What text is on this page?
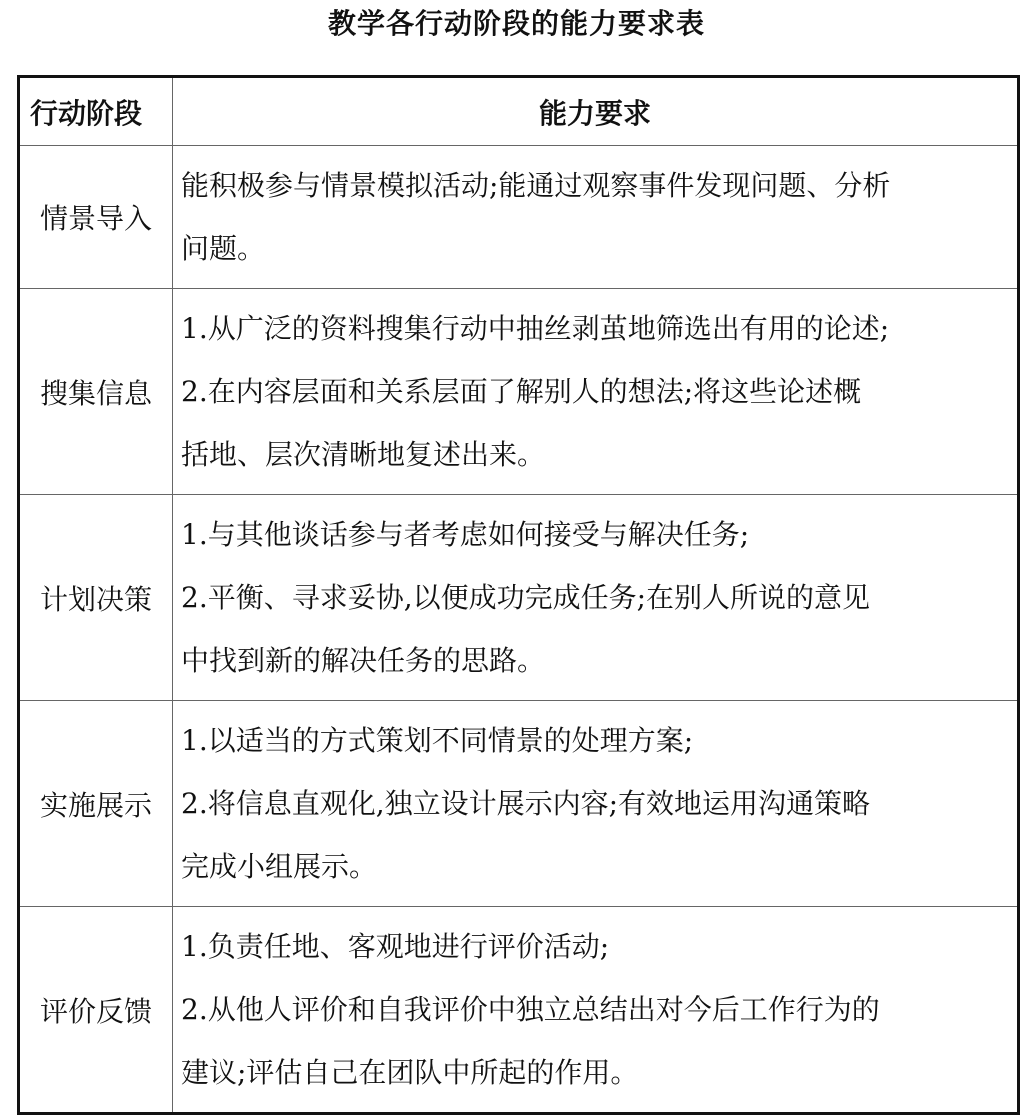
教学各行动阶段的能力要求表
行动阶段	能力要求
情景导入	能积极参与情景模拟活动;能通过观察事件发现问题、分析
问题。

搜集信息	1.从广泛的资料搜集行动中抽丝剥茧地筛选出有用的论述;
2.在内容层面和关系层面了解别人的想法;将这些论述概
括地、层次清晰地复述出来。

计划决策	1.与其他谈话参与者考虑如何接受与解决任务;
2.平衡、寻求妥协,以便成功完成任务;在别人所说的意见
中找到新的解决任务的思路。

实施展示	1.以适当的方式策划不同情景的处理方案;
2.将信息直观化,独立设计展示内容;有效地运用沟通策略
完成小组展示。

评价反馈	1.负责任地、客观地进行评价活动;
2.从他人评价和自我评价中独立总结出对今后工作行为的
建议;评估自己在团队中所起的作用。
